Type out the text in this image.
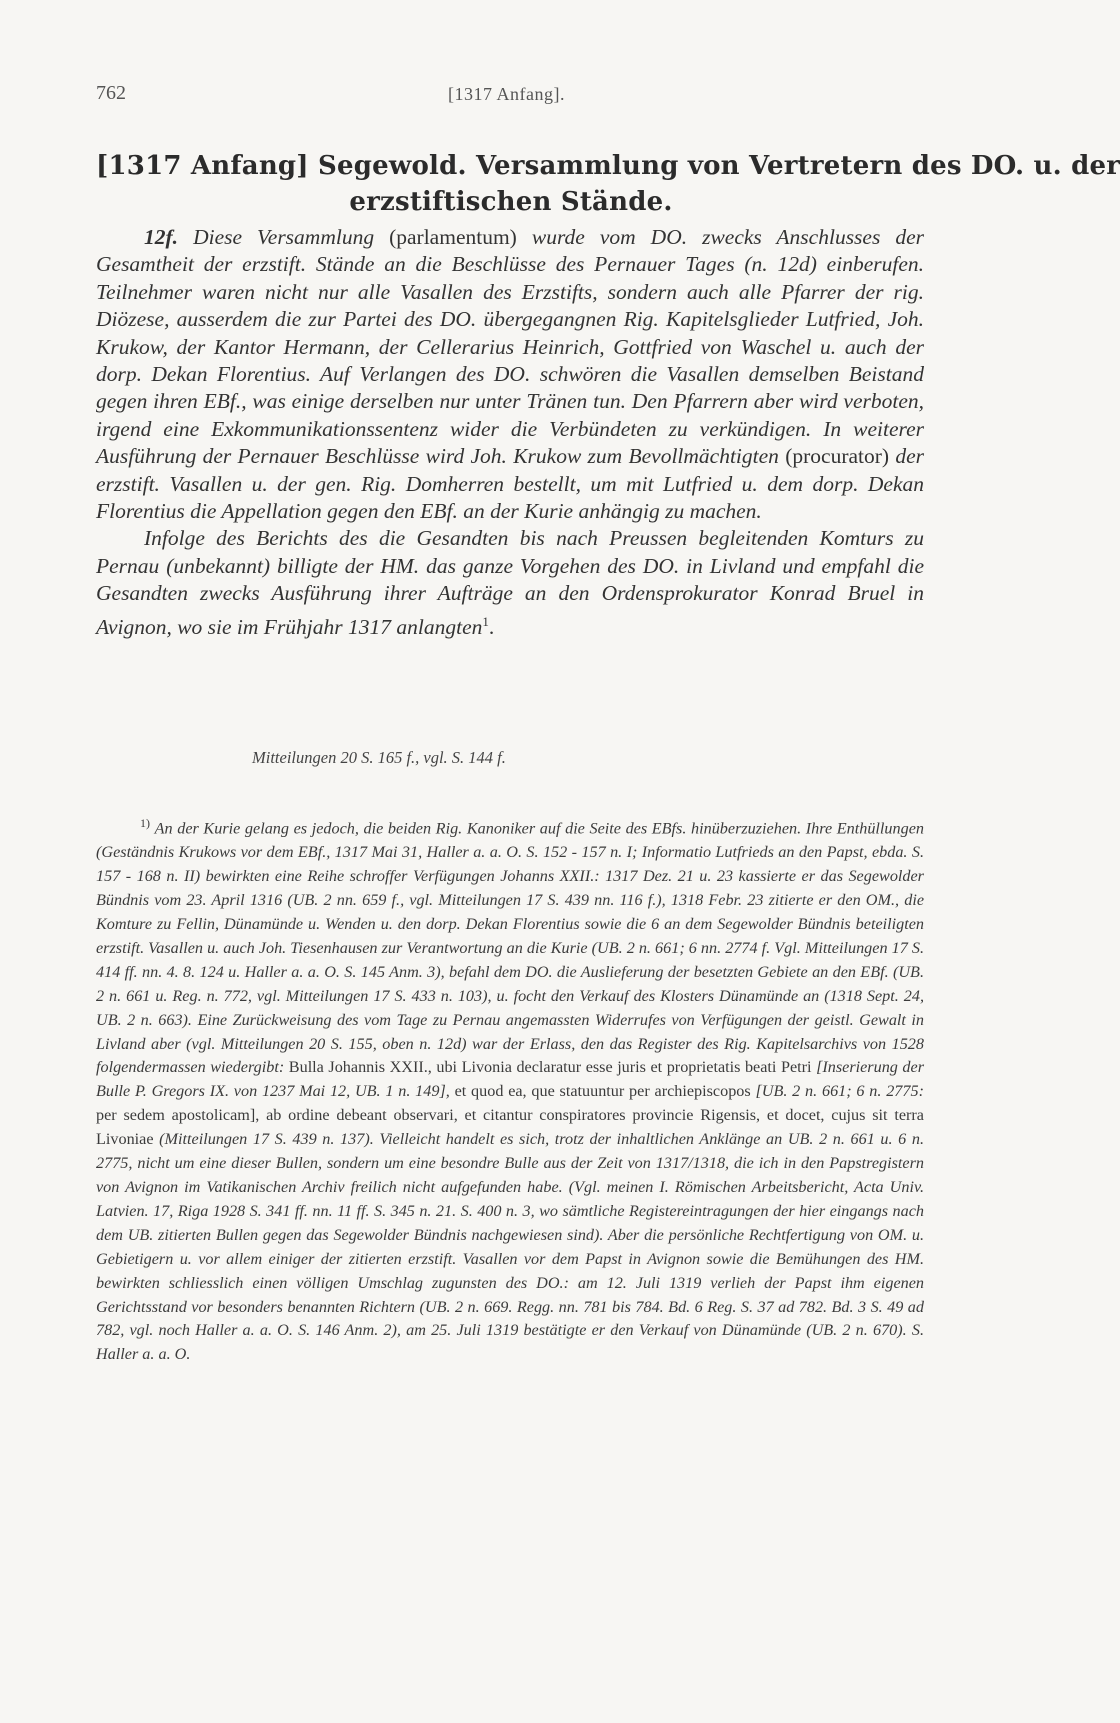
762	[1317 Anfang].
[1317 Anfang] Segewold. Versammlung von Vertretern des DO. u. der
erzstiftischen Stände.

12f. Diese Versammlung (parlamentum) wurde vom DO. zwecks Anschlusses der Gesamtheit der erzstift. Stände an die Beschlüsse des Pernauer Tages (n. 12d) einberufen. Teilnehmer waren nicht nur alle Vasallen des Erzstifts, sondern auch alle Pfarrer der rig. Diözese, ausserdem die zur Partei des DO. übergegangnen Rig. Kapitelsglieder Lutfried, Joh. Krukow, der Kantor Hermann, der Cellerarius Heinrich, Gottfried von Waschel u. auch der dorp. Dekan Florentius. Auf Verlangen des DO. schwören die Vasallen demselben Beistand gegen ihren EBf., was einige derselben nur unter Tränen tun. Den Pfarrern aber wird verboten, irgend eine Exkommunikationssentenz wider die Verbündeten zu verkündigen. In weiterer Ausführung der Pernauer Beschlüsse wird Joh. Krukow zum Bevollmächtigten (procurator) der erzstift. Vasallen u. der gen. Rig. Domherren bestellt, um mit Lutfried u. dem dorp. Dekan Florentius die Appellation gegen den EBf. an der Kurie anhängig zu machen.

Infolge des Berichts des die Gesandten bis nach Preussen begleitenden Komturs zu Pernau (unbekannt) billigte der HM. das ganze Vorgehen des DO. in Livland und empfahl die Gesandten zwecks Ausführung ihrer Aufträge an den Ordensprokurator Konrad Bruel in Avignon, wo sie im Frühjahr 1317 anlangten$^1$.

Mitteilungen 20 S. 165 f., vgl. S. 144 f.

$^{1)}$ An der Kurie gelang es jedoch, die beiden Rig. Kanoniker auf die Seite des EBfs. hinüberzuziehen. Ihre Enthüllungen (Geständnis Krukows vor dem EBf., 1317 Mai 31, Haller a. a. O. S. 152 - 157 n. I; Informatio Lutfrieds an den Papst, ebda. S. 157 - 168 n. II) bewirkten eine Reihe schroffer Verfügungen Johanns XXII.: 1317 Dez. 21 u. 23 kassierte er das Segewolder Bündnis vom 23. April 1316 (UB. 2 nn. 659 f., vgl. Mitteilungen 17 S. 439 nn. 116 f.), 1318 Febr. 23 zitierte er den OM., die Komture zu Fellin, Dünamünde u. Wenden u. den dorp. Dekan Florentius sowie die 6 an dem Segewolder Bündnis beteiligten erzstift. Vasallen u. auch Joh. Tiesenhausen zur Verantwortung an die Kurie (UB. 2 n. 661; 6 nn. 2774 f. Vgl. Mitteilungen 17 S. 414 ff. nn. 4. 8. 124 u. Haller a. a. O. S. 145 Anm. 3), befahl dem DO. die Auslieferung der besetzten Gebiete an den EBf. (UB. 2 n. 661 u. Reg. n. 772, vgl. Mitteilungen 17 S. 433 n. 103), u. focht den Verkauf des Klosters Dünamünde an (1318 Sept. 24, UB. 2 n. 663). Eine Zurückweisung des vom Tage zu Pernau angemassten Widerrufes von Verfügungen der geistl. Gewalt in Livland aber (vgl. Mitteilungen 20 S. 155, oben n. 12d) war der Erlass, den das Register des Rig. Kapitelsarchivs von 1528 folgendermassen wiedergibt: Bulla Johannis XXII., ubi Livonia declaratur esse juris et proprietatis beati Petri [Inserierung der Bulle P. Gregors IX. von 1237 Mai 12, UB. 1 n. 149], et quod ea, que statuuntur per archiepiscopos [UB. 2 n. 661; 6 n. 2775: per sedem apostolicam], ab ordine debeant observari, et citantur conspiratores provincie Rigensis, et docet, cujus sit terra Livoniae (Mitteilungen 17 S. 439 n. 137). Vielleicht handelt es sich, trotz der inhaltlichen Anklänge an UB. 2 n. 661 u. 6 n. 2775, nicht um eine dieser Bullen, sondern um eine besondre Bulle aus der Zeit von 1317/1318, die ich in den Papstregistern von Avignon im Vatikanischen Archiv freilich nicht aufgefunden habe. (Vgl. meinen I. Römischen Arbeitsbericht, Acta Univ. Latvien. 17, Riga 1928 S. 341 ff. nn. 11 ff. S. 345 n. 21. S. 400 n. 3, wo sämtliche Registereintragungen der hier eingangs nach dem UB. zitierten Bullen gegen das Segewolder Bündnis nachgewiesen sind). Aber die persönliche Rechtfertigung von OM. u. Gebietigern u. vor allem einiger der zitierten erzstift. Vasallen vor dem Papst in Avignon sowie die Bemühungen des HM. bewirkten schliesslich einen völligen Umschlag zugunsten des DO.: am 12. Juli 1319 verlieh der Papst ihm eigenen Gerichtsstand vor besonders benannten Richtern (UB. 2 n. 669. Regg. nn. 781 bis 784. Bd. 6 Reg. S. 37 ad 782. Bd. 3 S. 49 ad 782, vgl. noch Haller a. a. O. S. 146 Anm. 2), am 25. Juli 1319 bestätigte er den Verkauf von Dünamünde (UB. 2 n. 670). S. Haller a. a. O.
